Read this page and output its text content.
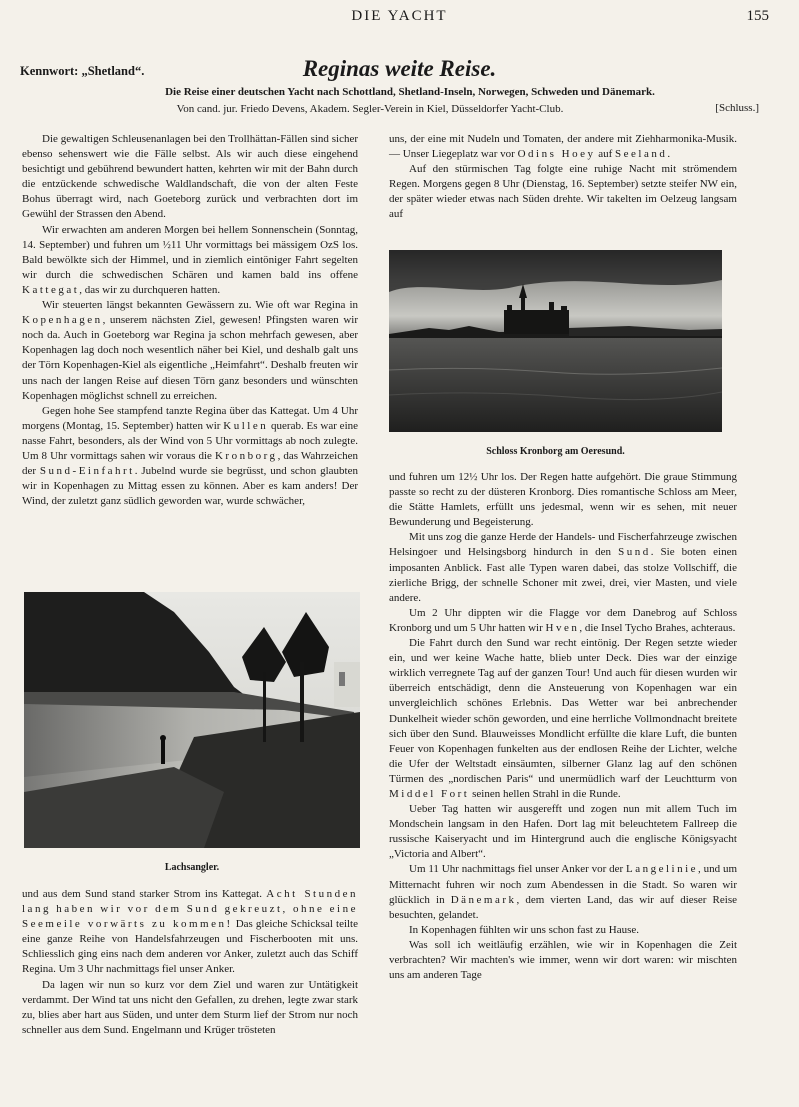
DIE YACHT	155
Kennwort: „Shetland“.	Reginas weite Reise.
Die Reise einer deutschen Yacht nach Schottland, Shetland-Inseln, Norwegen, Schweden und Dänemark.
Von cand. jur. Friedo Devens, Akadem. Segler-Verein in Kiel, Düsseldorfer Yacht-Club.	[Schluss.]

Die gewaltigen Schleusenanlagen bei den Trollhättan-Fällen sind sicher ebenso sehenswert wie die Fälle selbst. Als wir auch diese eingehend besichtigt und gebührend bewundert hatten, kehrten wir mit der Bahn durch die entzückende schwedische Waldlandschaft, die von der alten Feste Bohus überragt wird, nach Goeteborg zurück und verbrachten dort im Gewühl der Strassen den Abend.

Wir erwachten am anderen Morgen bei hellem Sonnenschein (Sonntag, 14. September) und fuhren um ½11 Uhr vormittags bei mässigem OzS los. Bald bewölkte sich der Himmel, und in ziemlich eintöniger Fahrt segelten wir durch die schwedischen Schären und kamen bald ins offene Kattegat, das wir zu durchqueren hatten.

Wir steuerten längst bekannten Gewässern zu. Wie oft war Regina in Kopenhagen, unserem nächsten Ziel, gewesen! Pfingsten waren wir noch da. Auch in Goeteborg war Regina ja schon mehrfach gewesen, aber Kopenhagen lag doch noch wesentlich näher bei Kiel, und deshalb galt uns der Törn Kopenhagen-Kiel als eigentliche „Heimfahrt“. Deshalb freuten wir uns nach der langen Reise auf diesen Törn ganz besonders und wünschten Kopenhagen möglichst schnell zu erreichen.

Gegen hohe See stampfend tanzte Regina über das Kattegat. Um 4 Uhr morgens (Montag, 15. September) hatten wir Kullen querab. Es war eine nasse Fahrt, besonders, als der Wind von 5 Uhr vormittags ab noch zulegte. Um 8 Uhr vormittags sahen wir voraus die Kronborg, das Wahrzeichen der Sund-Einfahrt. Jubelnd wurde sie begrüsst, und schon glaubten wir in Kopenhagen zu Mittag essen zu können. Aber es kam anders! Der Wind, der zuletzt ganz südlich geworden war, wurde schwächer,

Lachsangler.

und aus dem Sund stand starker Strom ins Kattegat. Acht Stunden lang haben wir vor dem Sund gekreuzt, ohne eine Seemeile vorwärts zu kommen! Das gleiche Schicksal teilte eine ganze Reihe von Handelsfahrzeugen und Fischerbooten mit uns. Schliesslich ging eins nach dem anderen vor Anker, zuletzt auch das Schiff Regina. Um 3 Uhr nachmittags fiel unser Anker.

Da lagen wir nun so kurz vor dem Ziel und waren zur Untätigkeit verdammt. Der Wind tat uns nicht den Gefallen, zu drehen, legte zwar stark zu, blies aber hart aus Süden, und unter dem Sturm lief der Strom nur noch schneller aus dem Sund. Engelmann und Krüger trösteten

uns, der eine mit Nudeln und Tomaten, der andere mit Ziehharmonika-Musik. — Unser Liegeplatz war vor Odins Hoey auf Seeland.

Auf den stürmischen Tag folgte eine ruhige Nacht mit strömendem Regen. Morgens gegen 8 Uhr (Dienstag, 16. September) setzte steifer NW ein, der später wieder etwas nach Süden drehte. Wir takelten im Oelzeug langsam auf

Schloss Kronborg am Oeresund.

und fuhren um 12½ Uhr los. Der Regen hatte aufgehört. Die graue Stimmung passte so recht zu der düsteren Kronborg. Dies romantische Schloss am Meer, die Stätte Hamlets, erfüllt uns jedesmal, wenn wir es sehen, mit neuer Bewunderung und Begeisterung.

Mit uns zog die ganze Herde der Handels- und Fischerfahrzeuge zwischen Helsingoer und Helsingsborg hindurch in den Sund. Sie boten einen imposanten Anblick. Fast alle Typen waren dabei, das stolze Vollschiff, die zierliche Brigg, der schnelle Schoner mit zwei, drei, vier Masten, und viele andere.

Um 2 Uhr dippten wir die Flagge vor dem Danebrog auf Schloss Kronborg und um 5 Uhr hatten wir Hven, die Insel Tycho Brahes, achteraus.

Die Fahrt durch den Sund war recht eintönig. Der Regen setzte wieder ein, und wer keine Wache hatte, blieb unter Deck. Dies war der einzige wirklich verregnete Tag auf der ganzen Tour! Und auch für diesen wurden wir überreich entschädigt, denn die Ansteuerung von Kopenhagen war ein unvergleichlich schönes Erlebnis. Das Wetter war bei anbrechender Dunkelheit wieder schön geworden, und eine herrliche Vollmondnacht breitete sich über den Sund. Blauweisses Mondlicht erfüllte die klare Luft, die bunten Feuer von Kopenhagen funkelten aus der endlosen Reihe der Lichter, welche die Ufer der Weltstadt einsäumten, silberner Glanz lag auf den schönen Türmen des „nordischen Paris“ und unermüdlich warf der Leuchtturm von Middel Fort seinen hellen Strahl in die Runde.

Ueber Tag hatten wir ausgerefft und zogen nun mit allem Tuch im Mondschein langsam in den Hafen. Dort lag mit beleuchtetem Fallreep die russische Kaiseryacht und im Hintergrund auch die englische Königsyacht „Victoria and Albert“.

Um 11 Uhr nachmittags fiel unser Anker vor der Langelinie, und um Mitternacht fuhren wir noch zum Abendessen in die Stadt. So waren wir glücklich in Dänemark, dem vierten Land, das wir auf dieser Reise besuchten, gelandet.

In Kopenhagen fühlten wir uns schon fast zu Hause.

Was soll ich weitläufig erzählen, wie wir in Kopenhagen die Zeit verbrachten? Wir machten's wie immer, wenn wir dort waren: wir mischten uns am anderen Tage
